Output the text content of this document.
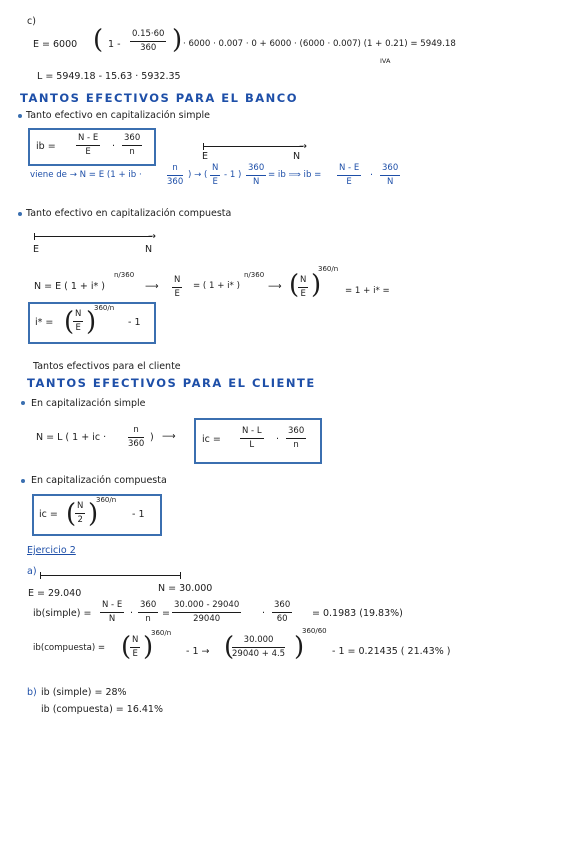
c)
E = 6000 ( $1 - \frac{0.15\cdot 60}{360}$ ) · 6000 · 0.007 · 0 + 6000 · (6000 · 0.007) (1 + 0.21) = 5949.18
IVA
L = 5949.18 - 15.63 · 5932.35
TANTOS EFECTIVOS PARA EL BANCO
Tanto efectivo en capitalización simple
ib = $\frac{N - E}{E} \cdot \frac{360}{n}$	→
E	N
viene de → N = E (1 + ib ·	$\frac{n}{360}$ ) → ( $\frac{N}{E} - 1$ ) $\frac{360}{N}$ = ib ⟹ ib = $\frac{N - E}{E} \cdot \frac{360}{N}$
Tanto efectivo en capitalización compuesta
→
E	N
N = E ( 1 + i* )
n/360
⟶ $\frac{N}{E}$ = ( 1 + i* )
n/360
⟶ (
$\frac{N}{E}$ )
360/n
= 1 + i* =
i* = (
$\frac{N}{E}$ )
360/n
- 1
Tantos efectivos para el cliente
TANTOS EFECTIVOS PARA EL CLIENTE
En capitalización simple
N = L ( 1 + ic ·	$\frac{n}{360}$ ) ⟶	ic = $\frac{N - L}{L} \cdot \frac{360}{n}$
En capitalización compuesta
ic = (
$\frac{N}{2}$ )
360/n
- 1
Ejercicio 2
a)
N = 30.000
E = 29.040
ib(simple) = $\frac{N - E}{N} \cdot \frac{360}{n} = \frac{30.000 - 29040}{29040} \cdot \frac{360}{60} = 0.1983$ (19.83%)
ib(compuesta) = (
$\frac{N}{E}$ )
360/n
- 1 → (
$\frac{30.000}{29040 + 4.5}$ )
360/60
- 1 = 0.21435 ( 21.43% )
b) ib (simple) = 28%
ib (compuesta) = 16.41%
